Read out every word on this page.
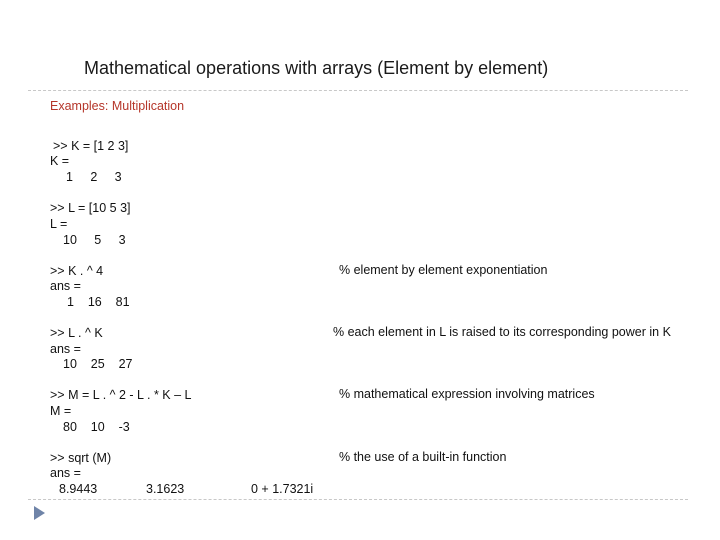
Mathematical operations with arrays (Element by element)
Examples: Multiplication
>> K = [1 2 3]
K =
1     2     3
>> L = [10 5 3]
L =
10     5     3
>> K . ^ 4	% element by element exponentiation
ans =
1    16    81
>> L . ^ K	% each element in L is raised to its corresponding power in K
ans =
10    25    27
>> M = L . ^ 2 - L . * K – L	% mathematical expression involving matrices
M =
80    10    -3
>> sqrt (M)	% the use of a built-in function
ans =
8.9443	3.1623	0 + 1.7321i
